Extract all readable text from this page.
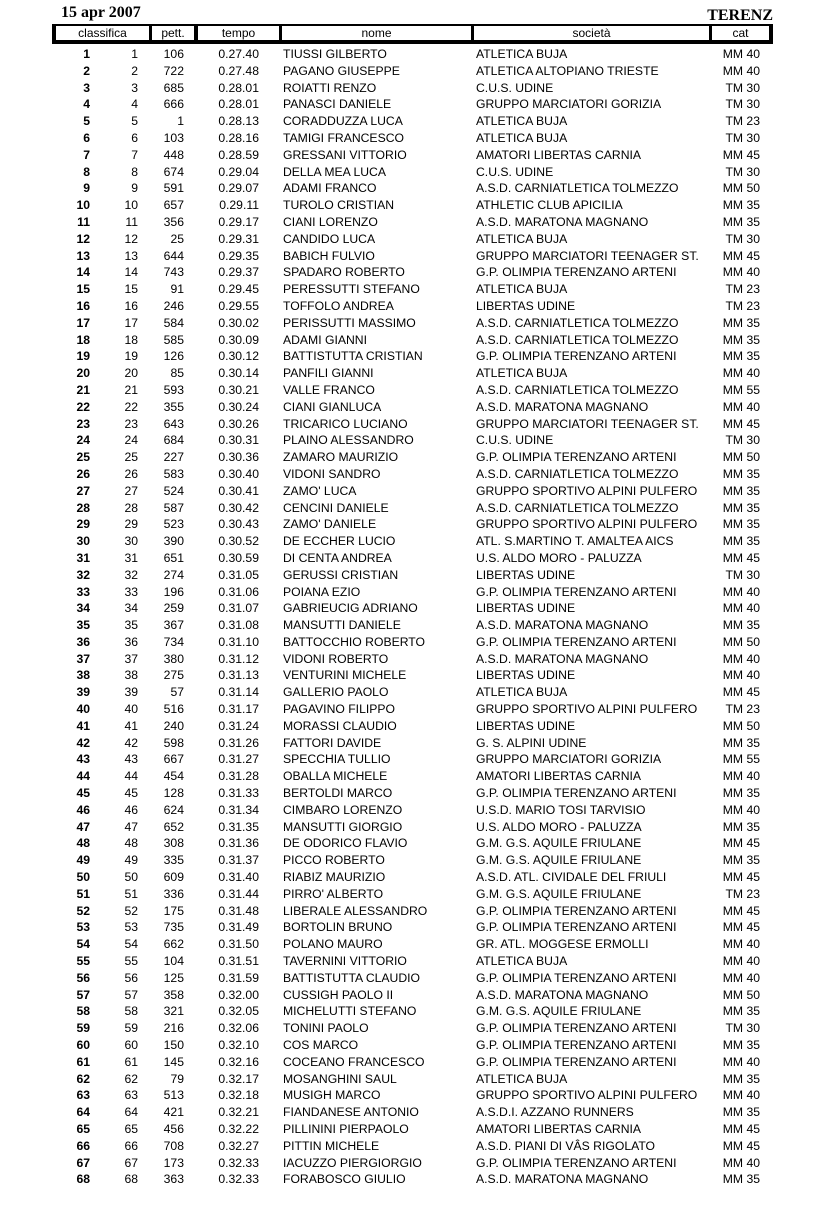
15 apr 2007	TERENZ
classifica	pett.	tempo	nome	società	cat
1	1	106	0.27.40 TIUSSI GILBERTO	ATLETICA BUJA	MM 40
2	2	722	0.27.48 PAGANO GIUSEPPE	ATLETICA ALTOPIANO TRIESTE	MM 40
3	3	685	0.28.01 ROIATTI RENZO	C.U.S. UDINE	TM 30
4	4	666	0.28.01 PANASCI DANIELE	GRUPPO MARCIATORI GORIZIA	TM 30
5	5	1	0.28.13 CORADDUZZA LUCA	ATLETICA BUJA	TM 23
6	6	103	0.28.16 TAMIGI FRANCESCO	ATLETICA BUJA	TM 30
7	7	448	0.28.59 GRESSANI VITTORIO	AMATORI LIBERTAS CARNIA	MM 45
8	8	674	0.29.04 DELLA MEA LUCA	C.U.S. UDINE	TM 30
9	9	591	0.29.07 ADAMI FRANCO	A.S.D. CARNIATLETICA TOLMEZZO	MM 50
10	10	657	0.29.11 TUROLO CRISTIAN	ATHLETIC CLUB APICILIA	MM 35
11	11	356	0.29.17 CIANI LORENZO	A.S.D. MARATONA MAGNANO	MM 35
12	12	25	0.29.31 CANDIDO LUCA	ATLETICA BUJA	TM 30
13	13	644	0.29.35 BABICH FULVIO	GRUPPO MARCIATORI TEENAGER ST.	MM 45
14	14	743	0.29.37 SPADARO ROBERTO	G.P. OLIMPIA TERENZANO ARTENI	MM 40
15	15	91	0.29.45 PERESSUTTI STEFANO	ATLETICA BUJA	TM 23
16	16	246	0.29.55 TOFFOLO ANDREA	LIBERTAS UDINE	TM 23
17	17	584	0.30.02 PERISSUTTI MASSIMO	A.S.D. CARNIATLETICA TOLMEZZO	MM 35
18	18	585	0.30.09 ADAMI GIANNI	A.S.D. CARNIATLETICA TOLMEZZO	MM 35
19	19	126	0.30.12 BATTISTUTTA CRISTIAN	G.P. OLIMPIA TERENZANO ARTENI	MM 35
20	20	85	0.30.14 PANFILI GIANNI	ATLETICA BUJA	MM 40
21	21	593	0.30.21 VALLE FRANCO	A.S.D. CARNIATLETICA TOLMEZZO	MM 55
22	22	355	0.30.24 CIANI GIANLUCA	A.S.D. MARATONA MAGNANO	MM 40
23	23	643	0.30.26 TRICARICO LUCIANO	GRUPPO MARCIATORI TEENAGER ST.	MM 45
24	24	684	0.30.31 PLAINO ALESSANDRO	C.U.S. UDINE	TM 30
25	25	227	0.30.36 ZAMARO MAURIZIO	G.P. OLIMPIA TERENZANO ARTENI	MM 50
26	26	583	0.30.40 VIDONI SANDRO	A.S.D. CARNIATLETICA TOLMEZZO	MM 35
27	27	524	0.30.41 ZAMO' LUCA	GRUPPO SPORTIVO ALPINI PULFERO	MM 35
28	28	587	0.30.42 CENCINI DANIELE	A.S.D. CARNIATLETICA TOLMEZZO	MM 35
29	29	523	0.30.43 ZAMO' DANIELE	GRUPPO SPORTIVO ALPINI PULFERO	MM 35
30	30	390	0.30.52 DE ECCHER LUCIO	ATL. S.MARTINO T. AMALTEA AICS	MM 35
31	31	651	0.30.59 DI CENTA ANDREA	U.S. ALDO MORO - PALUZZA	MM 45
32	32	274	0.31.05 GERUSSI CRISTIAN	LIBERTAS UDINE	TM 30
33	33	196	0.31.06 POIANA EZIO	G.P. OLIMPIA TERENZANO ARTENI	MM 40
34	34	259	0.31.07 GABRIEUCIG ADRIANO	LIBERTAS UDINE	MM 40
35	35	367	0.31.08 MANSUTTI DANIELE	A.S.D. MARATONA MAGNANO	MM 35
36	36	734	0.31.10 BATTOCCHIO ROBERTO	G.P. OLIMPIA TERENZANO ARTENI	MM 50
37	37	380	0.31.12 VIDONI ROBERTO	A.S.D. MARATONA MAGNANO	MM 40
38	38	275	0.31.13 VENTURINI MICHELE	LIBERTAS UDINE	MM 40
39	39	57	0.31.14 GALLERIO PAOLO	ATLETICA BUJA	MM 45
40	40	516	0.31.17 PAGAVINO FILIPPO	GRUPPO SPORTIVO ALPINI PULFERO	TM 23
41	41	240	0.31.24 MORASSI CLAUDIO	LIBERTAS UDINE	MM 50
42	42	598	0.31.26 FATTORI DAVIDE	G. S. ALPINI UDINE	MM 35
43	43	667	0.31.27 SPECCHIA TULLIO	GRUPPO MARCIATORI GORIZIA	MM 55
44	44	454	0.31.28 OBALLA MICHELE	AMATORI LIBERTAS CARNIA	MM 40
45	45	128	0.31.33 BERTOLDI MARCO	G.P. OLIMPIA TERENZANO ARTENI	MM 35
46	46	624	0.31.34 CIMBARO LORENZO	U.S.D. MARIO TOSI TARVISIO	MM 40
47	47	652	0.31.35 MANSUTTI GIORGIO	U.S. ALDO MORO - PALUZZA	MM 35
48	48	308	0.31.36 DE ODORICO FLAVIO	G.M. G.S. AQUILE FRIULANE	MM 45
49	49	335	0.31.37 PICCO ROBERTO	G.M. G.S. AQUILE FRIULANE	MM 35
50	50	609	0.31.40 RIABIZ MAURIZIO	A.S.D. ATL. CIVIDALE DEL FRIULI	MM 45
51	51	336	0.31.44 PIRRO' ALBERTO	G.M. G.S. AQUILE FRIULANE	TM 23
52	52	175	0.31.48 LIBERALE ALESSANDRO	G.P. OLIMPIA TERENZANO ARTENI	MM 45
53	53	735	0.31.49 BORTOLIN BRUNO	G.P. OLIMPIA TERENZANO ARTENI	MM 45
54	54	662	0.31.50 POLANO MAURO	GR. ATL. MOGGESE ERMOLLI	MM 40
55	55	104	0.31.51 TAVERNINI VITTORIO	ATLETICA BUJA	MM 40
56	56	125	0.31.59 BATTISTUTTA CLAUDIO	G.P. OLIMPIA TERENZANO ARTENI	MM 40
57	57	358	0.32.00 CUSSIGH PAOLO II	A.S.D. MARATONA MAGNANO	MM 50
58	58	321	0.32.05 MICHELUTTI STEFANO	G.M. G.S. AQUILE FRIULANE	MM 35
59	59	216	0.32.06 TONINI PAOLO	G.P. OLIMPIA TERENZANO ARTENI	TM 30
60	60	150	0.32.10 COS MARCO	G.P. OLIMPIA TERENZANO ARTENI	MM 35
61	61	145	0.32.16 COCEANO FRANCESCO	G.P. OLIMPIA TERENZANO ARTENI	MM 40
62	62	79	0.32.17 MOSANGHINI SAUL	ATLETICA BUJA	MM 35
63	63	513	0.32.18 MUSIGH MARCO	GRUPPO SPORTIVO ALPINI PULFERO	MM 40
64	64	421	0.32.21 FIANDANESE ANTONIO	A.S.D.I. AZZANO RUNNERS	MM 35
65	65	456	0.32.22 PILLININI PIERPAOLO	AMATORI LIBERTAS CARNIA	MM 45
66	66	708	0.32.27 PITTIN MICHELE	A.S.D. PIANI DI VÂS RIGOLATO	MM 45
67	67	173	0.32.33 IACUZZO PIERGIORGIO	G.P. OLIMPIA TERENZANO ARTENI	MM 40
68	68	363	0.32.33 FORABOSCO GIULIO	A.S.D. MARATONA MAGNANO	MM 35
